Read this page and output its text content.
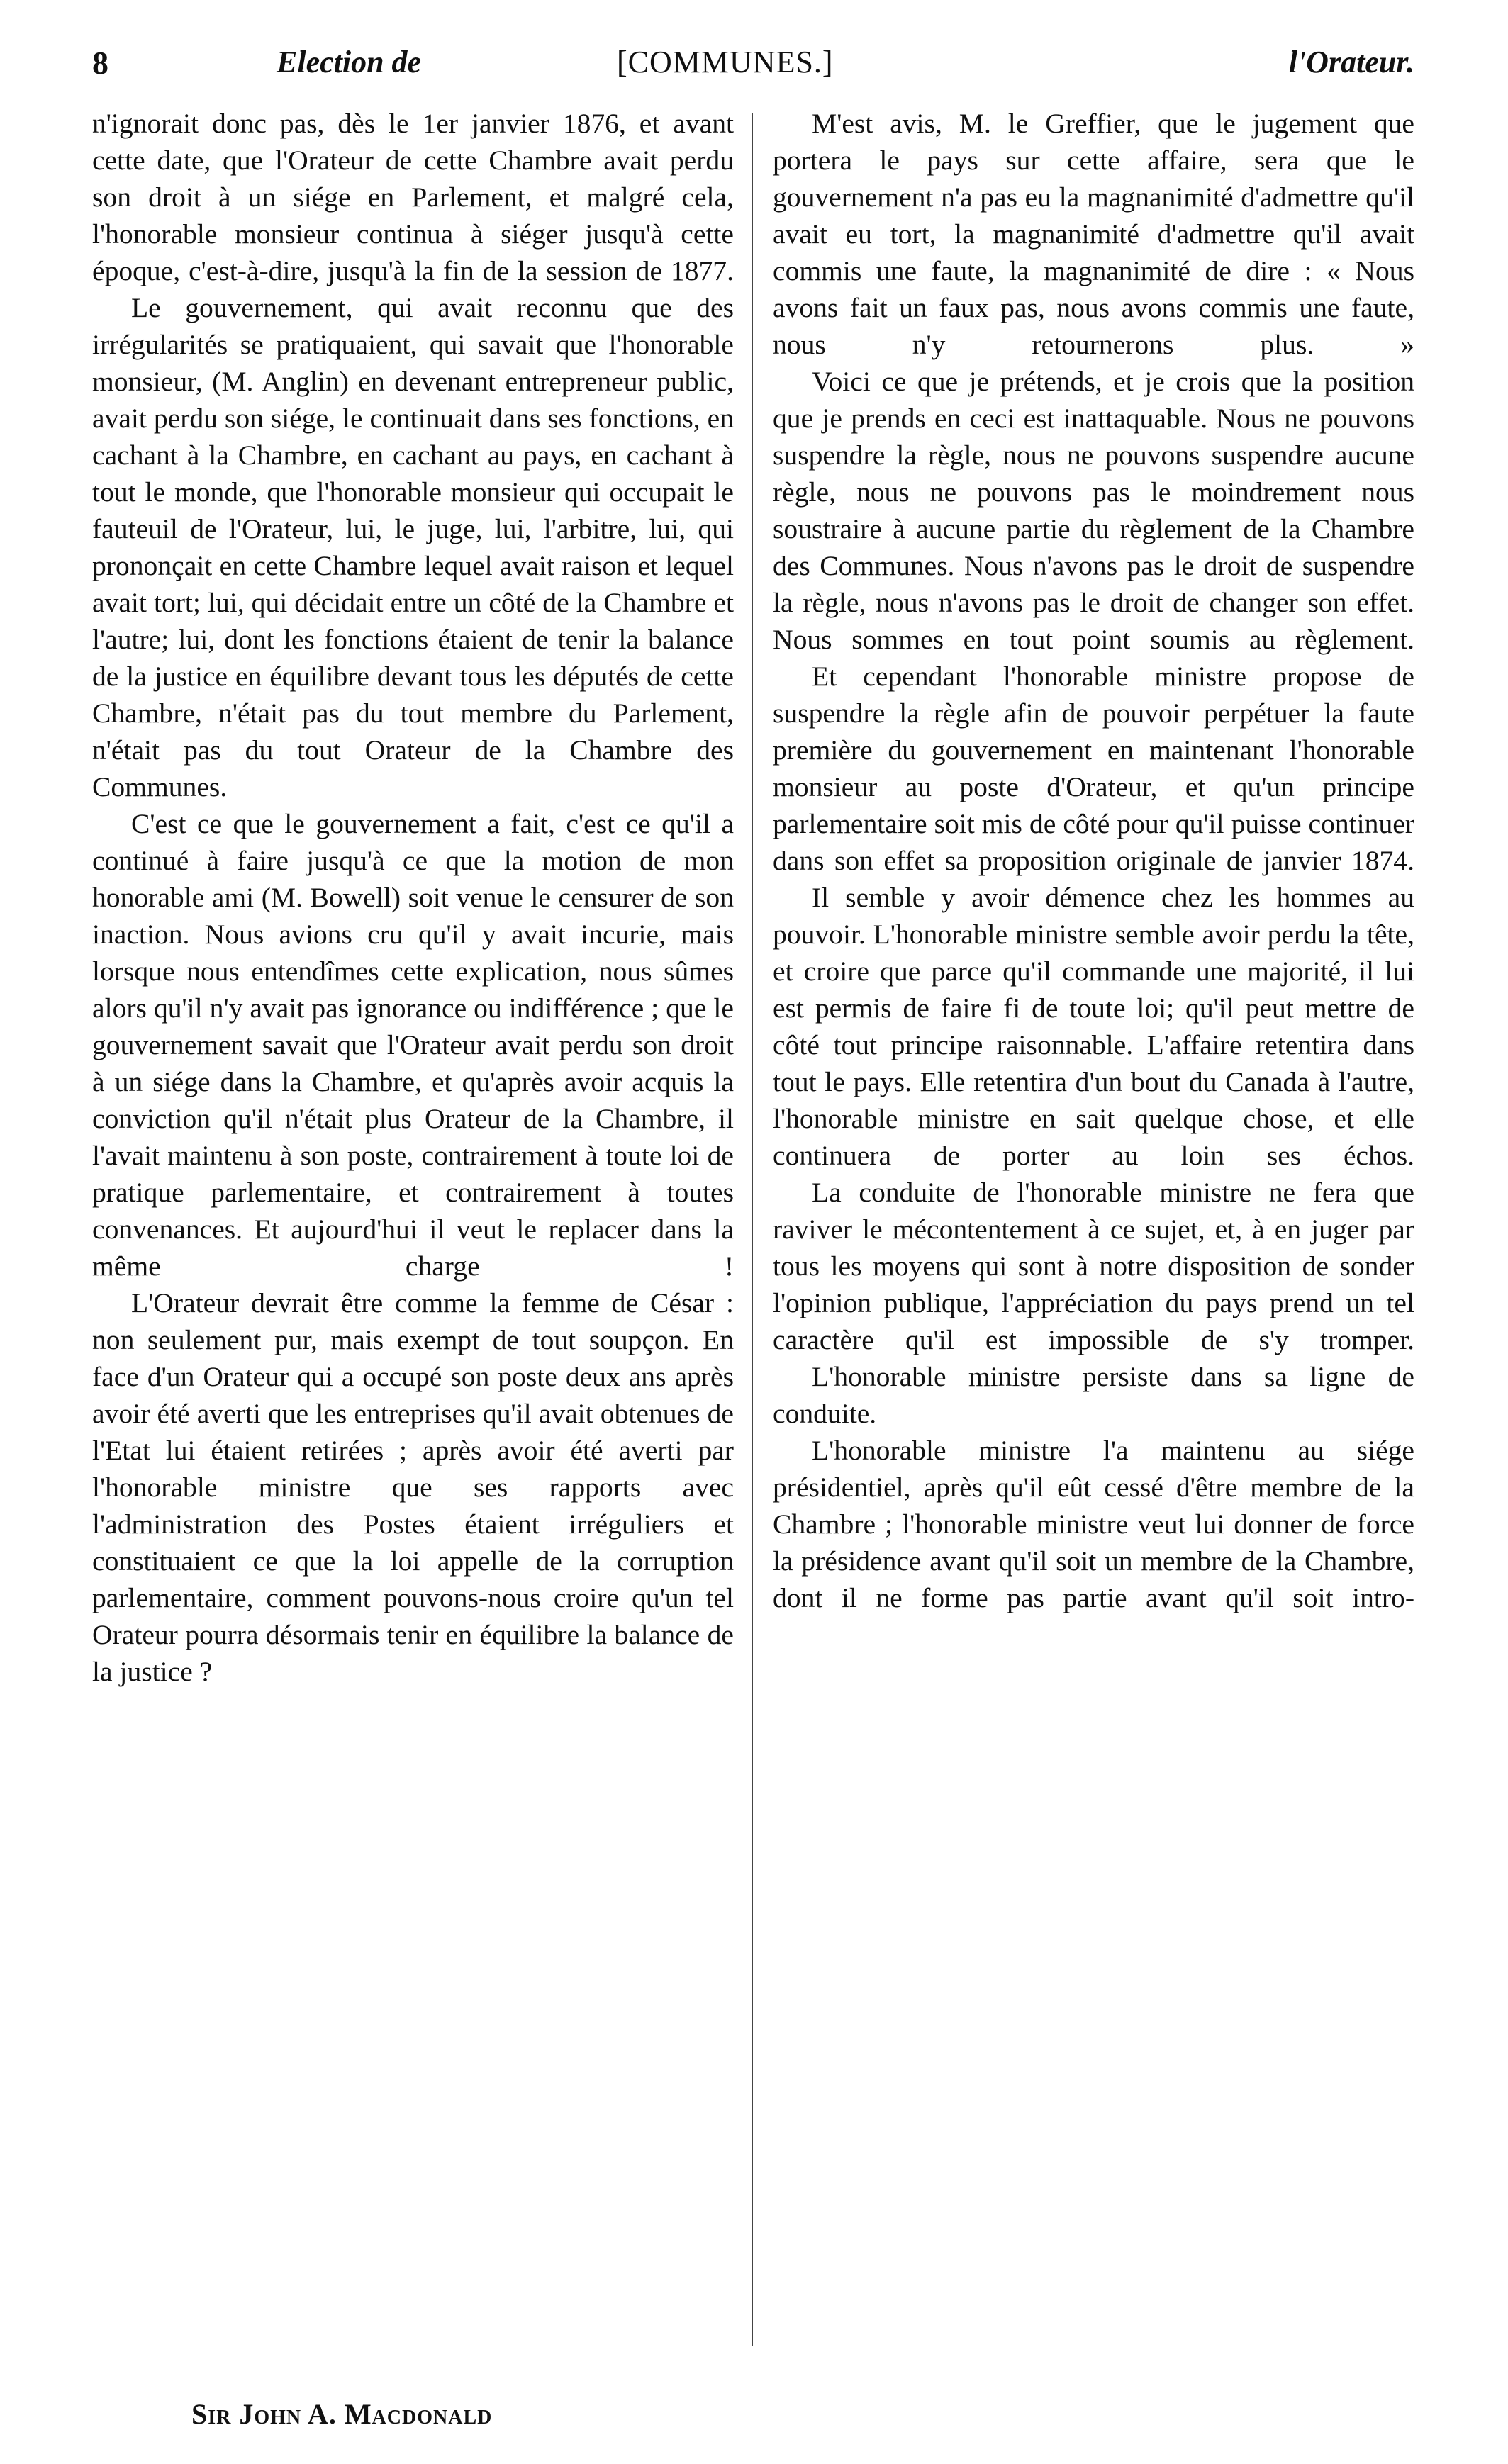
8	Election de	[COMMUNES.]	l'Orateur.

n'ignorait donc pas, dès le 1er janvier 1876, et avant cette date, que l'Orateur de cette Chambre avait perdu son droit à un siége en Parlement, et malgré cela, l'honorable monsieur continua à siéger jusqu'à cette époque, c'est-à-dire, jusqu'à la fin de la session de 1877.

Le gouvernement, qui avait reconnu que des irrégularités se pratiquaient, qui savait que l'honorable monsieur, (M. Anglin) en devenant entrepreneur public, avait perdu son siége, le continuait dans ses fonctions, en cachant à la Chambre, en cachant au pays, en cachant à tout le monde, que l'honorable monsieur qui occupait le fauteuil de l'Orateur, lui, le juge, lui, l'arbitre, lui, qui prononçait en cette Chambre lequel avait raison et lequel avait tort; lui, qui décidait entre un côté de la Chambre et l'autre; lui, dont les fonctions étaient de tenir la balance de la justice en équilibre devant tous les députés de cette Chambre, n'était pas du tout membre du Parlement, n'était pas du tout Orateur de la Chambre des Communes.

C'est ce que le gouvernement a fait, c'est ce qu'il a continué à faire jusqu'à ce que la motion de mon honorable ami (M. Bowell) soit venue le censurer de son inaction. Nous avions cru qu'il y avait incurie, mais lorsque nous entendîmes cette explication, nous sûmes alors qu'il n'y avait pas ignorance ou indifférence ; que le gouvernement savait que l'Orateur avait perdu son droit à un siége dans la Chambre, et qu'après avoir acquis la conviction qu'il n'était plus Orateur de la Chambre, il l'avait maintenu à son poste, contrairement à toute loi de pratique parlementaire, et contrairement à toutes convenances. Et aujourd'hui il veut le replacer dans la même charge !

L'Orateur devrait être comme la femme de César : non seulement pur, mais exempt de tout soupçon. En face d'un Orateur qui a occupé son poste deux ans après avoir été averti que les entreprises qu'il avait obtenues de l'Etat lui étaient retirées ; après avoir été averti par l'honorable ministre que ses rapports avec l'administration des Postes étaient irréguliers et constituaient ce que la loi appelle de la corruption parlementaire, comment pouvons-nous croire qu'un tel Orateur pourra désormais tenir en équilibre la balance de la justice ?

M'est avis, M. le Greffier, que le jugement que portera le pays sur cette affaire, sera que le gouvernement n'a pas eu la magnanimité d'admettre qu'il avait eu tort, la magnanimité d'admettre qu'il avait commis une faute, la magnanimité de dire : « Nous avons fait un faux pas, nous avons commis une faute, nous n'y retournerons plus. »

Voici ce que je prétends, et je crois que la position que je prends en ceci est inattaquable. Nous ne pouvons suspendre la règle, nous ne pouvons suspendre aucune règle, nous ne pouvons pas le moindrement nous soustraire à aucune partie du règlement de la Chambre des Communes. Nous n'avons pas le droit de suspendre la règle, nous n'avons pas le droit de changer son effet. Nous sommes en tout point soumis au règlement.

Et cependant l'honorable ministre propose de suspendre la règle afin de pouvoir perpétuer la faute première du gouvernement en maintenant l'honorable monsieur au poste d'Orateur, et qu'un principe parlementaire soit mis de côté pour qu'il puisse continuer dans son effet sa proposition originale de janvier 1874.

Il semble y avoir démence chez les hommes au pouvoir. L'honorable ministre semble avoir perdu la tête, et croire que parce qu'il commande une majorité, il lui est permis de faire fi de toute loi; qu'il peut mettre de côté tout principe raisonnable. L'affaire retentira dans tout le pays. Elle retentira d'un bout du Canada à l'autre, l'honorable ministre en sait quelque chose, et elle continuera de porter au loin ses échos.

La conduite de l'honorable ministre ne fera que raviver le mécontentement à ce sujet, et, à en juger par tous les moyens qui sont à notre disposition de sonder l'opinion publique, l'appréciation du pays prend un tel caractère qu'il est impossible de s'y tromper.

L'honorable ministre persiste dans sa ligne de conduite.

L'honorable ministre l'a maintenu au siége présidentiel, après qu'il eût cessé d'être membre de la Chambre ; l'honorable ministre veut lui donner de force la présidence avant qu'il soit un membre de la Chambre, dont il ne forme pas partie avant qu'il soit intro-

Sir John A. Macdonald
